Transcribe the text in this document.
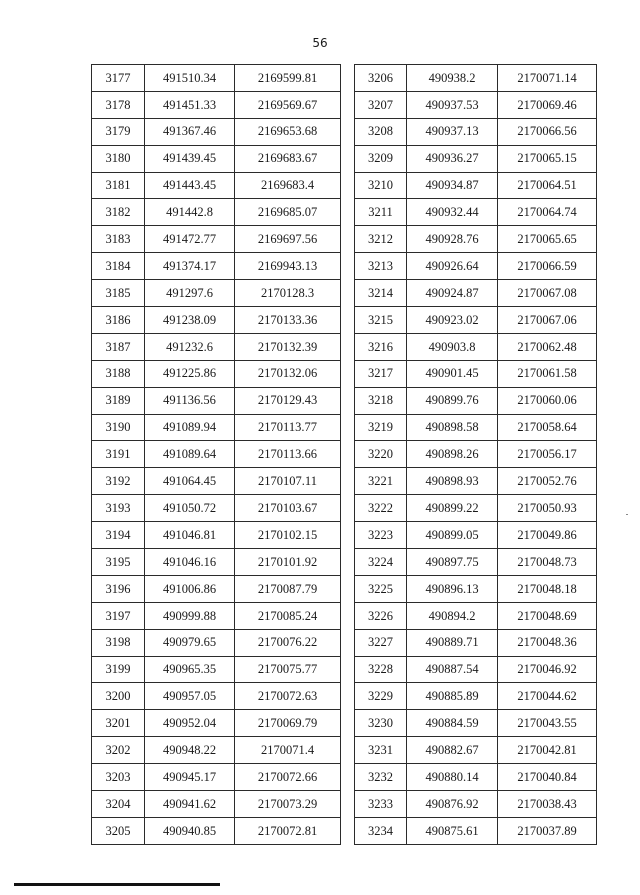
56
3177	491510.34	2169599.81
3178	491451.33	2169569.67
3179	491367.46	2169653.68
3180	491439.45	2169683.67
3181	491443.45	2169683.4
3182	491442.8	2169685.07
3183	491472.77	2169697.56
3184	491374.17	2169943.13
3185	491297.6	2170128.3
3186	491238.09	2170133.36
3187	491232.6	2170132.39
3188	491225.86	2170132.06
3189	491136.56	2170129.43
3190	491089.94	2170113.77
3191	491089.64	2170113.66
3192	491064.45	2170107.11
3193	491050.72	2170103.67
3194	491046.81	2170102.15
3195	491046.16	2170101.92
3196	491006.86	2170087.79
3197	490999.88	2170085.24
3198	490979.65	2170076.22
3199	490965.35	2170075.77
3200	490957.05	2170072.63
3201	490952.04	2170069.79
3202	490948.22	2170071.4
3203	490945.17	2170072.66
3204	490941.62	2170073.29
3205	490940.85	2170072.81
3206	490938.2	2170071.14
3207	490937.53	2170069.46
3208	490937.13	2170066.56
3209	490936.27	2170065.15
3210	490934.87	2170064.51
3211	490932.44	2170064.74
3212	490928.76	2170065.65
3213	490926.64	2170066.59
3214	490924.87	2170067.08
3215	490923.02	2170067.06
3216	490903.8	2170062.48
3217	490901.45	2170061.58
3218	490899.76	2170060.06
3219	490898.58	2170058.64
3220	490898.26	2170056.17
3221	490898.93	2170052.76
3222	490899.22	2170050.93
3223	490899.05	2170049.86
3224	490897.75	2170048.73
3225	490896.13	2170048.18
3226	490894.2	2170048.69
3227	490889.71	2170048.36
3228	490887.54	2170046.92
3229	490885.89	2170044.62
3230	490884.59	2170043.55
3231	490882.67	2170042.81
3232	490880.14	2170040.84
3233	490876.92	2170038.43
3234	490875.61	2170037.89
